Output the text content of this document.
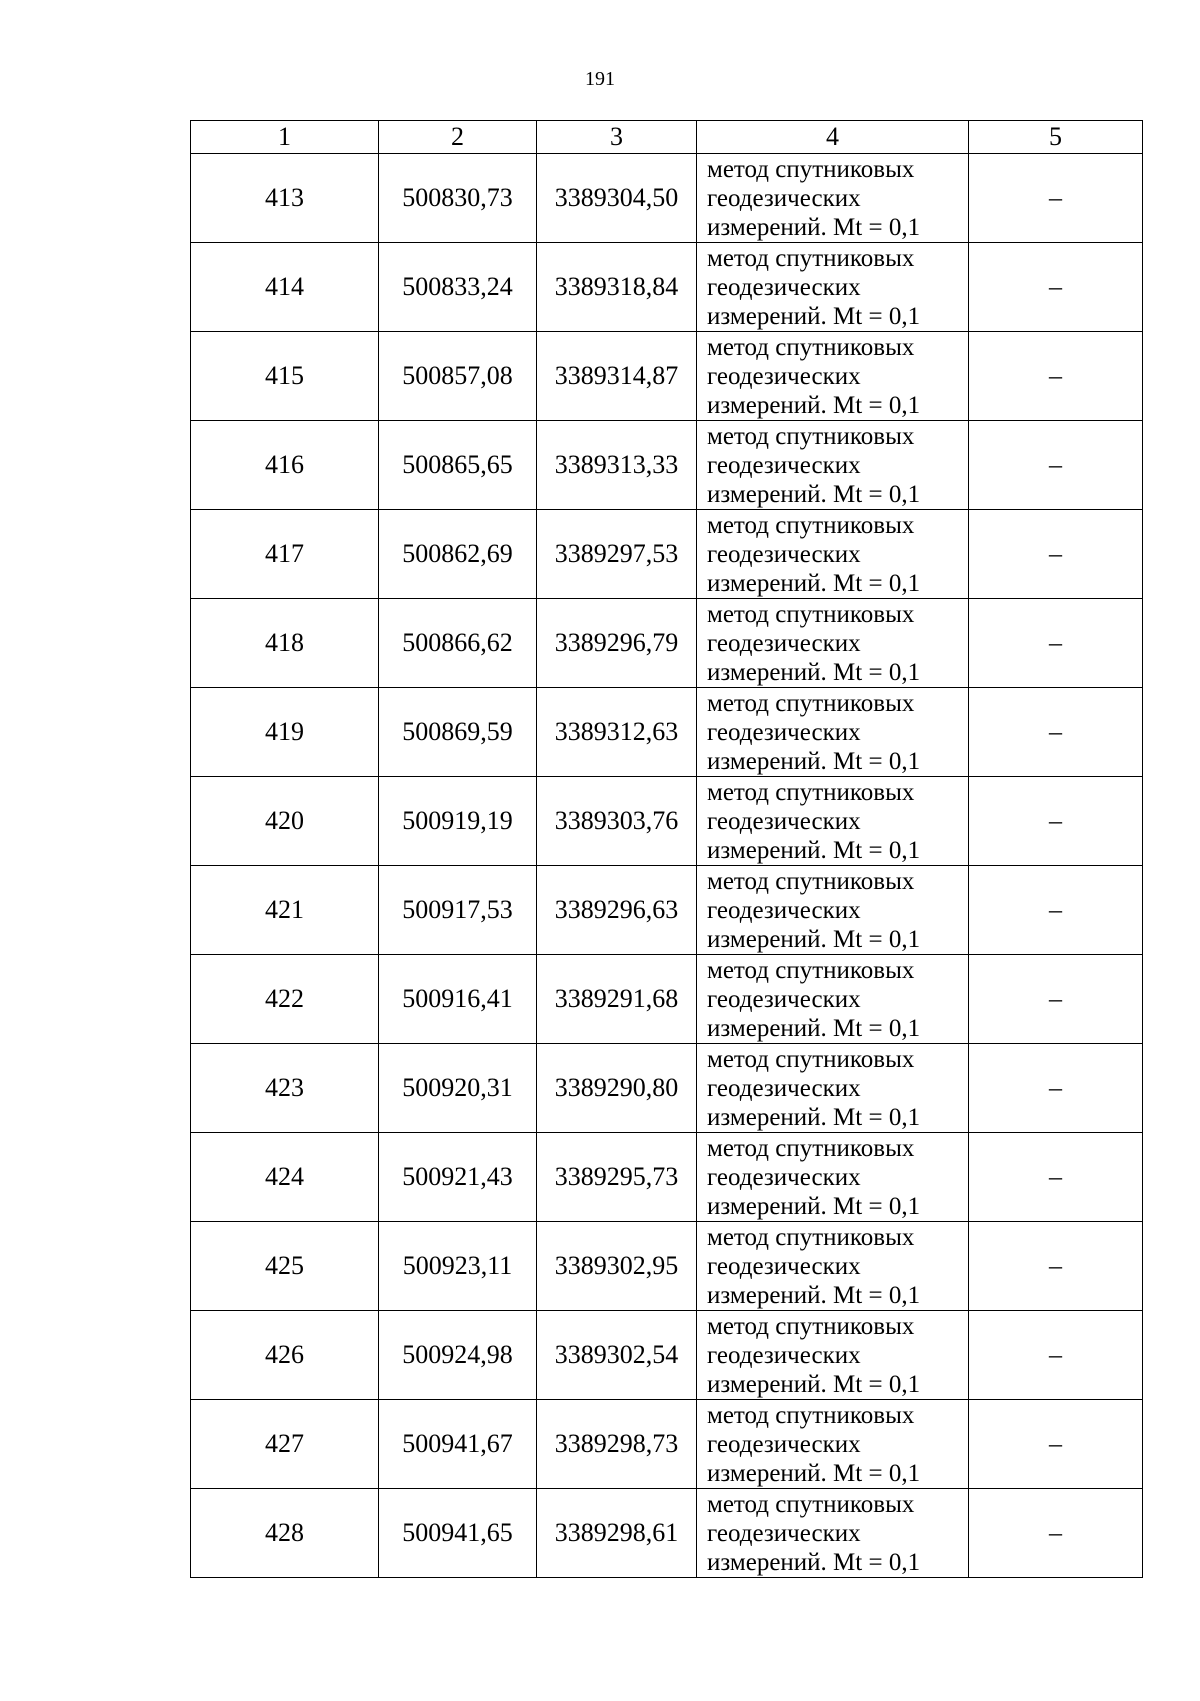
191
1	2	3	4	5
413	500830,73	3389304,50	метод спутниковых
геодезических
измерений. Mt = 0,1	–
414	500833,24	3389318,84	метод спутниковых
геодезических
измерений. Mt = 0,1	–
415	500857,08	3389314,87	метод спутниковых
геодезических
измерений. Mt = 0,1	–
416	500865,65	3389313,33	метод спутниковых
геодезических
измерений. Mt = 0,1	–
417	500862,69	3389297,53	метод спутниковых
геодезических
измерений. Mt = 0,1	–
418	500866,62	3389296,79	метод спутниковых
геодезических
измерений. Mt = 0,1	–
419	500869,59	3389312,63	метод спутниковых
геодезических
измерений. Mt = 0,1	–
420	500919,19	3389303,76	метод спутниковых
геодезических
измерений. Mt = 0,1	–
421	500917,53	3389296,63	метод спутниковых
геодезических
измерений. Mt = 0,1	–
422	500916,41	3389291,68	метод спутниковых
геодезических
измерений. Mt = 0,1	–
423	500920,31	3389290,80	метод спутниковых
геодезических
измерений. Mt = 0,1	–
424	500921,43	3389295,73	метод спутниковых
геодезических
измерений. Mt = 0,1	–
425	500923,11	3389302,95	метод спутниковых
геодезических
измерений. Mt = 0,1	–
426	500924,98	3389302,54	метод спутниковых
геодезических
измерений. Mt = 0,1	–
427	500941,67	3389298,73	метод спутниковых
геодезических
измерений. Mt = 0,1	–
428	500941,65	3389298,61	метод спутниковых
геодезических
измерений. Mt = 0,1	–
